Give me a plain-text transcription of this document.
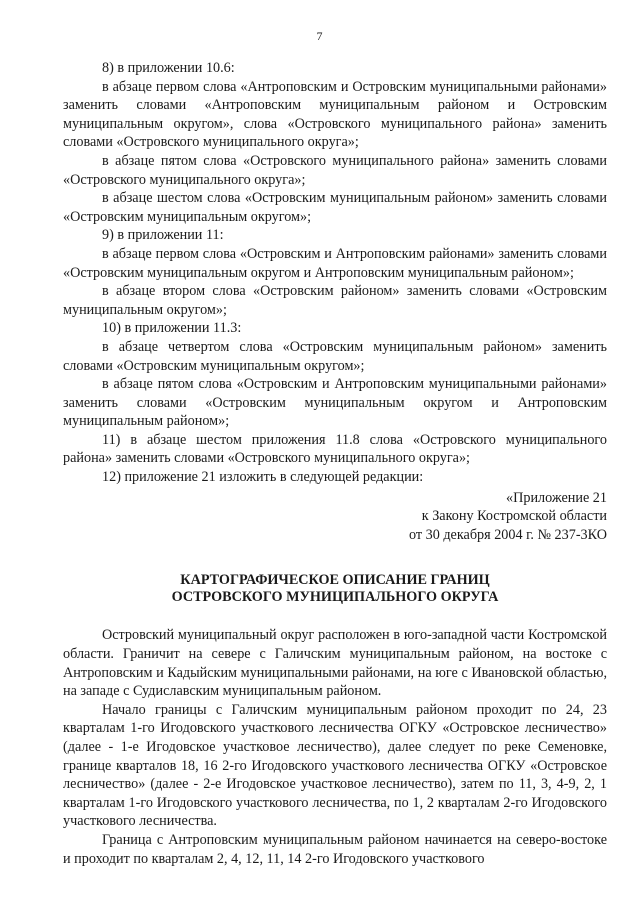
7

8) в приложении 10.6:

в абзаце первом слова «Антроповским и Островским муниципальными районами» заменить словами «Антроповским муниципальным районом и Островским муниципальным округом», слова «Островского муниципального района» заменить словами «Островского муниципального округа»;

в абзаце пятом слова «Островского муниципального района» заменить словами «Островского муниципального округа»;

в абзаце шестом слова «Островским муниципальным районом» заменить словами «Островским муниципальным округом»;

9) в приложении 11:

в абзаце первом слова «Островским и Антроповским районами» заменить словами «Островским муниципальным округом и Антроповским муниципальным районом»;

в абзаце втором слова «Островским районом» заменить словами «Островским муниципальным округом»;

10) в приложении 11.3:

в абзаце четвертом слова «Островским муниципальным районом» заменить словами «Островским муниципальным округом»;

в абзаце пятом слова «Островским и Антроповским муниципальными районами» заменить словами «Островским муниципальным округом и Антроповским муниципальным районом»;

11) в абзаце шестом приложения 11.8 слова «Островского муниципального района» заменить словами «Островского муниципального округа»;

12) приложение 21 изложить в следующей редакции:

«Приложение 21

к Закону Костромской области

от 30 декабря 2004 г. № 237-3КО

КАРТОГРАФИЧЕСКОЕ ОПИСАНИЕ ГРАНИЦ
ОСТРОВСКОГО МУНИЦИПАЛЬНОГО ОКРУГА

Островский муниципальный округ расположен в юго-западной части Костромской области. Граничит на севере с Галичским муниципальным районом, на востоке с Антроповским и Кадыйским муниципальными районами, на юге с Ивановской областью, на западе с Судиславским муниципальным районом.

Начало границы с Галичским муниципальным районом проходит по 24, 23 кварталам 1-го Игодовского участкового лесничества ОГКУ «Островское лесничество» (далее - 1-е Игодовское участковое лесничество), далее следует по реке Семеновке, границе кварталов 18, 16 2-го Игодовского участкового лесничества ОГКУ «Островское лесничество» (далее - 2-е Игодовское участковое лесничество), затем по 11, 3, 4-9, 2, 1 кварталам 1-го Игодовского участкового лесничества, по 1, 2 кварталам 2-го Игодовского участкового лесничества.

Граница с Антроповским муниципальным районом начинается на северо-востоке и проходит по кварталам 2, 4, 12, 11, 14 2-го Игодовского участкового
